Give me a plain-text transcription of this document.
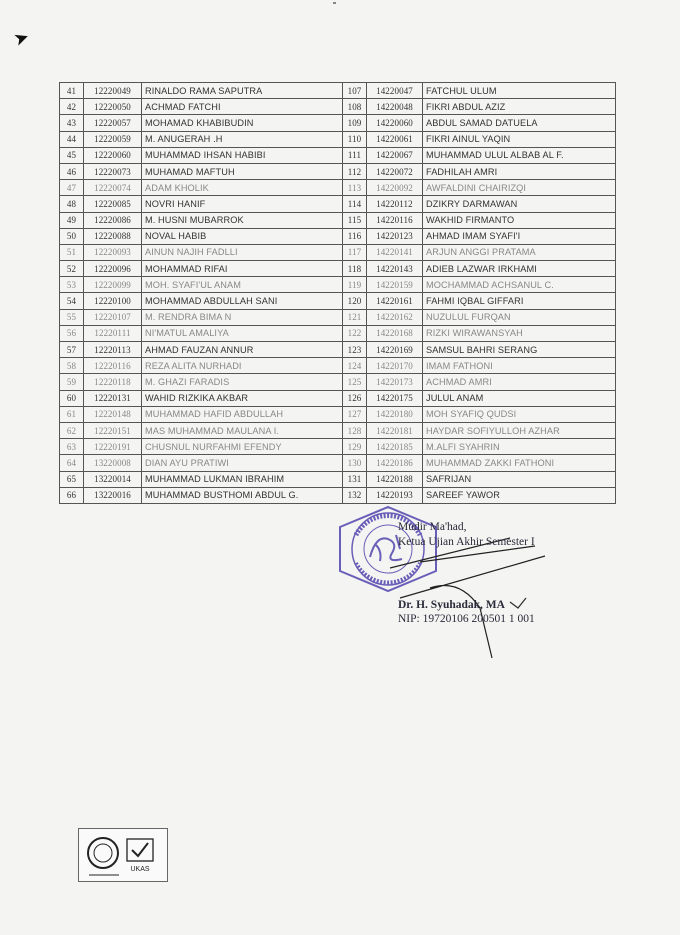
➤
41	12220049	RINALDO RAMA SAPUTRA	107	14220047	FATCHUL ULUM
42	12220050	ACHMAD FATCHI	108	14220048	FIKRI ABDUL AZIZ
43	12220057	MOHAMAD KHABIBUDIN	109	14220060	ABDUL SAMAD DATUELA
44	12220059	M. ANUGERAH .H	110	14220061	FIKRI AINUL YAQIN
45	12220060	MUHAMMAD IHSAN HABIBI	111	14220067	MUHAMMAD ULUL ALBAB AL F.
46	12220073	MUHAMAD MAFTUH	112	14220072	FADHILAH AMRI
47	12220074	ADAM KHOLIK	113	14220092	AWFALDINI CHAIRIZQI
48	12220085	NOVRI HANIF	114	14220112	DZIKRY DARMAWAN
49	12220086	M. HUSNI MUBARROK	115	14220116	WAKHID FIRMANTO
50	12220088	NOVAL HABIB	116	14220123	AHMAD IMAM SYAFI'I
51	12220093	AINUN NAJIH FADLLI	117	14220141	ARJUN ANGGI PRATAMA
52	12220096	MOHAMMAD RIFAI	118	14220143	ADIEB LAZWAR IRKHAMI
53	12220099	MOH. SYAFI'UL ANAM	119	14220159	MOCHAMMAD ACHSANUL C.
54	12220100	MOHAMMAD ABDULLAH SANI	120	14220161	FAHMI IQBAL GIFFARI
55	12220107	M. RENDRA BIMA N	121	14220162	NUZULUL FURQAN
56	12220111	NI'MATUL AMALIYA	122	14220168	RIZKI WIRAWANSYAH
57	12220113	AHMAD FAUZAN ANNUR	123	14220169	SAMSUL BAHRI SERANG
58	12220116	REZA ALITA NURHADI	124	14220170	IMAM FATHONI
59	12220118	M. GHAZI FARADIS	125	14220173	ACHMAD AMRI
60	12220131	WAHID RIZKIKA AKBAR	126	14220175	JULUL ANAM
61	12220148	MUHAMMAD HAFID ABDULLAH	127	14220180	MOH SYAFIQ QUDSI
62	12220151	MAS MUHAMMAD MAULANA I.	128	14220181	HAYDAR SOFIYULLOH AZHAR
63	12220191	CHUSNUL NURFAHMI EFENDY	129	14220185	M.ALFI SYAHRIN
64	13220008	DIAN AYU PRATIWI	130	14220186	MUHAMMAD ZAKKI FATHONI
65	13220014	MUHAMMAD LUKMAN IBRAHIM	131	14220188	SAFRIJAN
66	13220016	MUHAMMAD BUSTHOMI ABDUL G.	132	14220193	SAREEF YAWOR
Mudir Ma'had,
Ketua Ujian Akhir Semester I
Dr. H. Syuhadak, MA
NIP: 19720106 200501 1 001
UKAS
